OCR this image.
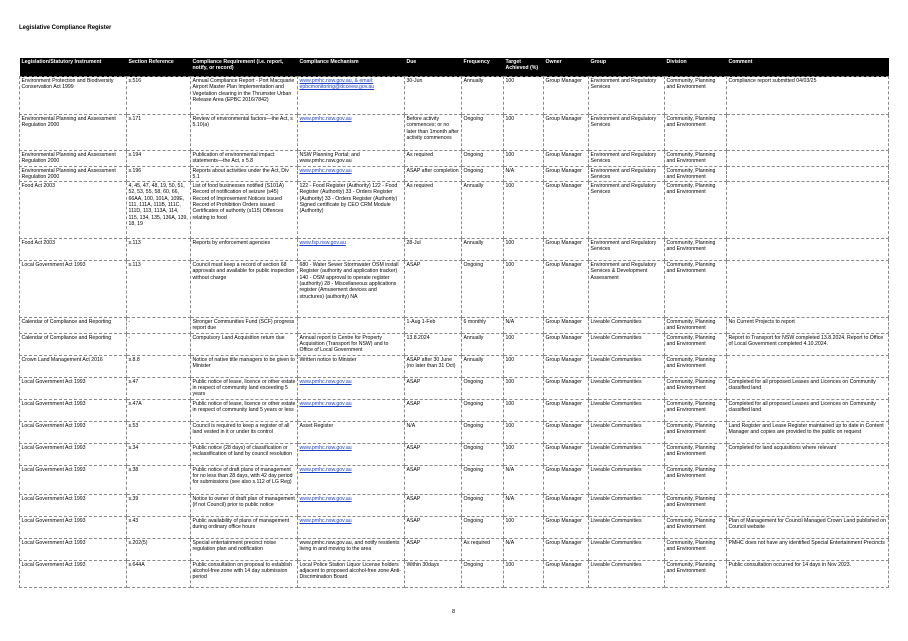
Legislative Compliance Register
Legislation/Statutory Instrument	Section Reference	Compliance Requirement (i.e. report, notify, or record)	Compliance Mechanism	Due	Frequency	Target Achieved (%)	Owner	Group	Division	Comment
Environment Protection and Biodiversity Conservation Act 1999	s.516	Annual Compliance Report - Port Macquarie Airport Master Plan Implementation and Vegetation clearing in the Thrumster Urban Release Area (EPBC 2016/7842)	www.pmhc.nsw.gov.au, & email: epbcmonitoring@dcceew.gov.au	30-Jun	Annually	100	Group Manager	Environment and Regulatory Services	Community, Planning and Environment	Compliance report submitted 04/03/25
Environmental Planning and Assessment Regulation 2000	s.171	Review of environmental factors—the Act, s 5.10(a)	www.pmhc.nsw.gov.au	Before activity commences; or no later than 1month after activity commences	Ongoing	100	Group Manager	Environment and Regulatory Services	Community, Planning and Environment	
Environmental Planning and Assessment Regulation 2000	s.194	Publication of environmental impact statements—the Act, s 5.8	NSW Planning Portal; and www.pmhc.nsw.gov.au	As required	Ongoing	100	Group Manager	Environment and Regulatory Services	Community, Planning and Environment	
Environmental Planning and Assessment Regulation 2000	s.196	Reports about activities under the Act, Div 5.1	www.pmhc.nsw.gov.au	ASAP after completion	Ongoing	N/A	Group Manager	Environment and Regulatory Services	Community, Planning and Environment	
Food Act 2003	4, 45, 47, 48, 19, 50, 51, 52, 53, 55, 58, 60, 66, 66AA, 100, 101A, 109E, 111, 111A, 111B, 111C, 111D, 113, 113A, 114, 115, 134, 135, 136A, 139, 18, 19	List of food businesses notified (S101A) Record of notification of seizure (s45) Record of Improvement Notices issued Record of Prohibition Orders issued Certificates of authority (s115) Offences relating to food	122 - Food Register (Authority) 122 - Food Register (Authority) 33 - Orders Register (Authority) 33 - Orders Register (Authority) Signed certificate by CEO CRM Module (Authority)	As required	Annually	100	Group Manager	Environment and Regulatory Services	Community, Planning and Environment	
Food Act 2003	s.113	Reports by enforcement agencies	www.fsp.nsw.gov.au	28-Jul	Annually	100	Group Manager	Environment and Regulatory Services	Community, Planning and Environment	
Local Government Act 1993	s.113	Council must keep a record of section 68 approvals and available for public inspection without charge	680 - Water Sewer Stormwater OSM install Register (authority and application tracker) 140 - OSM approval to operate register (authority) 28 - Miscellaneous applications register (Amusement devices and structures) (authority) NA	ASAP	Ongoing	100	Group Manager	Environment and Regulatory Services & Development Assessment	Community, Planning and Environment	
Calendar of Compliance and Reporting	-	Stronger Communities Fund (SCF) progress report due		1-Aug 1-Feb	6 monthly	N/A	Group Manager	Liveable Communities	Community, Planning and Environment	No Current Projects to report
Calendar of Compliance and Reporting	-	Compulsory Land Acquisition return due	Annual report to Centre for Property Acquisition (Transport for NSW) and to Office of Local Government	13.8.2024	Annually	100	Group Manager	Liveable Communities	Community, Planning and Environment	Report to Transport for NSW completed 13.8.2024. Report to Office of Local Government completed 4.10.2024.
Crown Land Management Act 2016	s.8.8	Notice of native title managers to be given to Minister	Written notice to Minister	ASAP after 30 June (no later than 31 Oct)	Annually	100	Group Manager	Liveable Communities	Community, Planning and Environment	
Local Government Act 1993	s.47	Public notice of lease, licence or other estate in respect of community land exceeding 5 years	www.pmhc.nsw.gov.au	ASAP	Ongoing	100	Group Manager	Liveable Communities	Community, Planning and Environment	Completed for all proposed Leases and Licences on Community classified land
Local Government Act 1993	s.47A	Public notice of lease, licence or other estate in respect of community land 5 years or less	www.pmhc.nsw.gov.au	ASAP	Ongoing	100	Group Manager	Liveable Communities	Community, Planning and Environment	Completed for all proposed Leases and Licences on Community classified land
Local Government Act 1993	s.53	Council is required to keep a register of all land vested in it or under its control	Asset Register	N/A	Ongoing	100	Group Manager	Liveable Communities	Community, Planning and Environment	Land Register and Lease Register maintained up to date in Content Manager and copies are provided to the public on request
Local Government Act 1993	s.34	Public notice (28 days) of classification or reclassification of land by council resolution	www.pmhc.nsw.gov.au	ASAP	Ongoing	100	Group Manager	Liveable Communities	Community, Planning and Environment	Completed for land acquisitions where relevant
Local Government Act 1993	s.38	Public notice of draft plans of management for no less than 28 days, with 42 day period for submissions (see also s.112 of LG Reg)	www.pmhc.nsw.gov.au	ASAP	Ongoing	N/A	Group Manager	Liveable Communities	Community, Planning and Environment	
Local Government Act 1993	s.39	Notice to owner of draft plan of management (if not Council) prior to public notice	www.pmhc.nsw.gov.au	ASAP	Ongoing	N/A	Group Manager	Liveable Communities	Community, Planning and Environment	
Local Government Act 1993	s.43	Public availability of plans of management during ordinary office hours	www.pmhc.nsw.gov.au	ASAP	Ongoing	100	Group Manager	Liveable Communities	Community, Planning and Environment	Plan of Management for Council Managed Crown Land published on Council website
Local Government Act 1993	s.202(5)	Special entertainment precinct noise regulation plan and notification	www.pmhc.nsw.gov.au, and notify residents living in and moving to the area	ASAP	As required	N/A	Group Manager	Liveable Communities	Community, Planning and Environment	PMHC does not have any identified Special Entertainment Precincts
Local Government Act 1993	s.644A	Public consultation on proposal to establish alcohol-free zone with 14 day submission period	Local Police Station Liquor License holders adjacent to proposed alcohol-free zone Anti-Discrimination Board	Within 30days	Ongoing	100	Group Manager	Liveable Communities	Community, Planning and Environment	Public consultation occurred for 14 days in Nov 2023.
8
